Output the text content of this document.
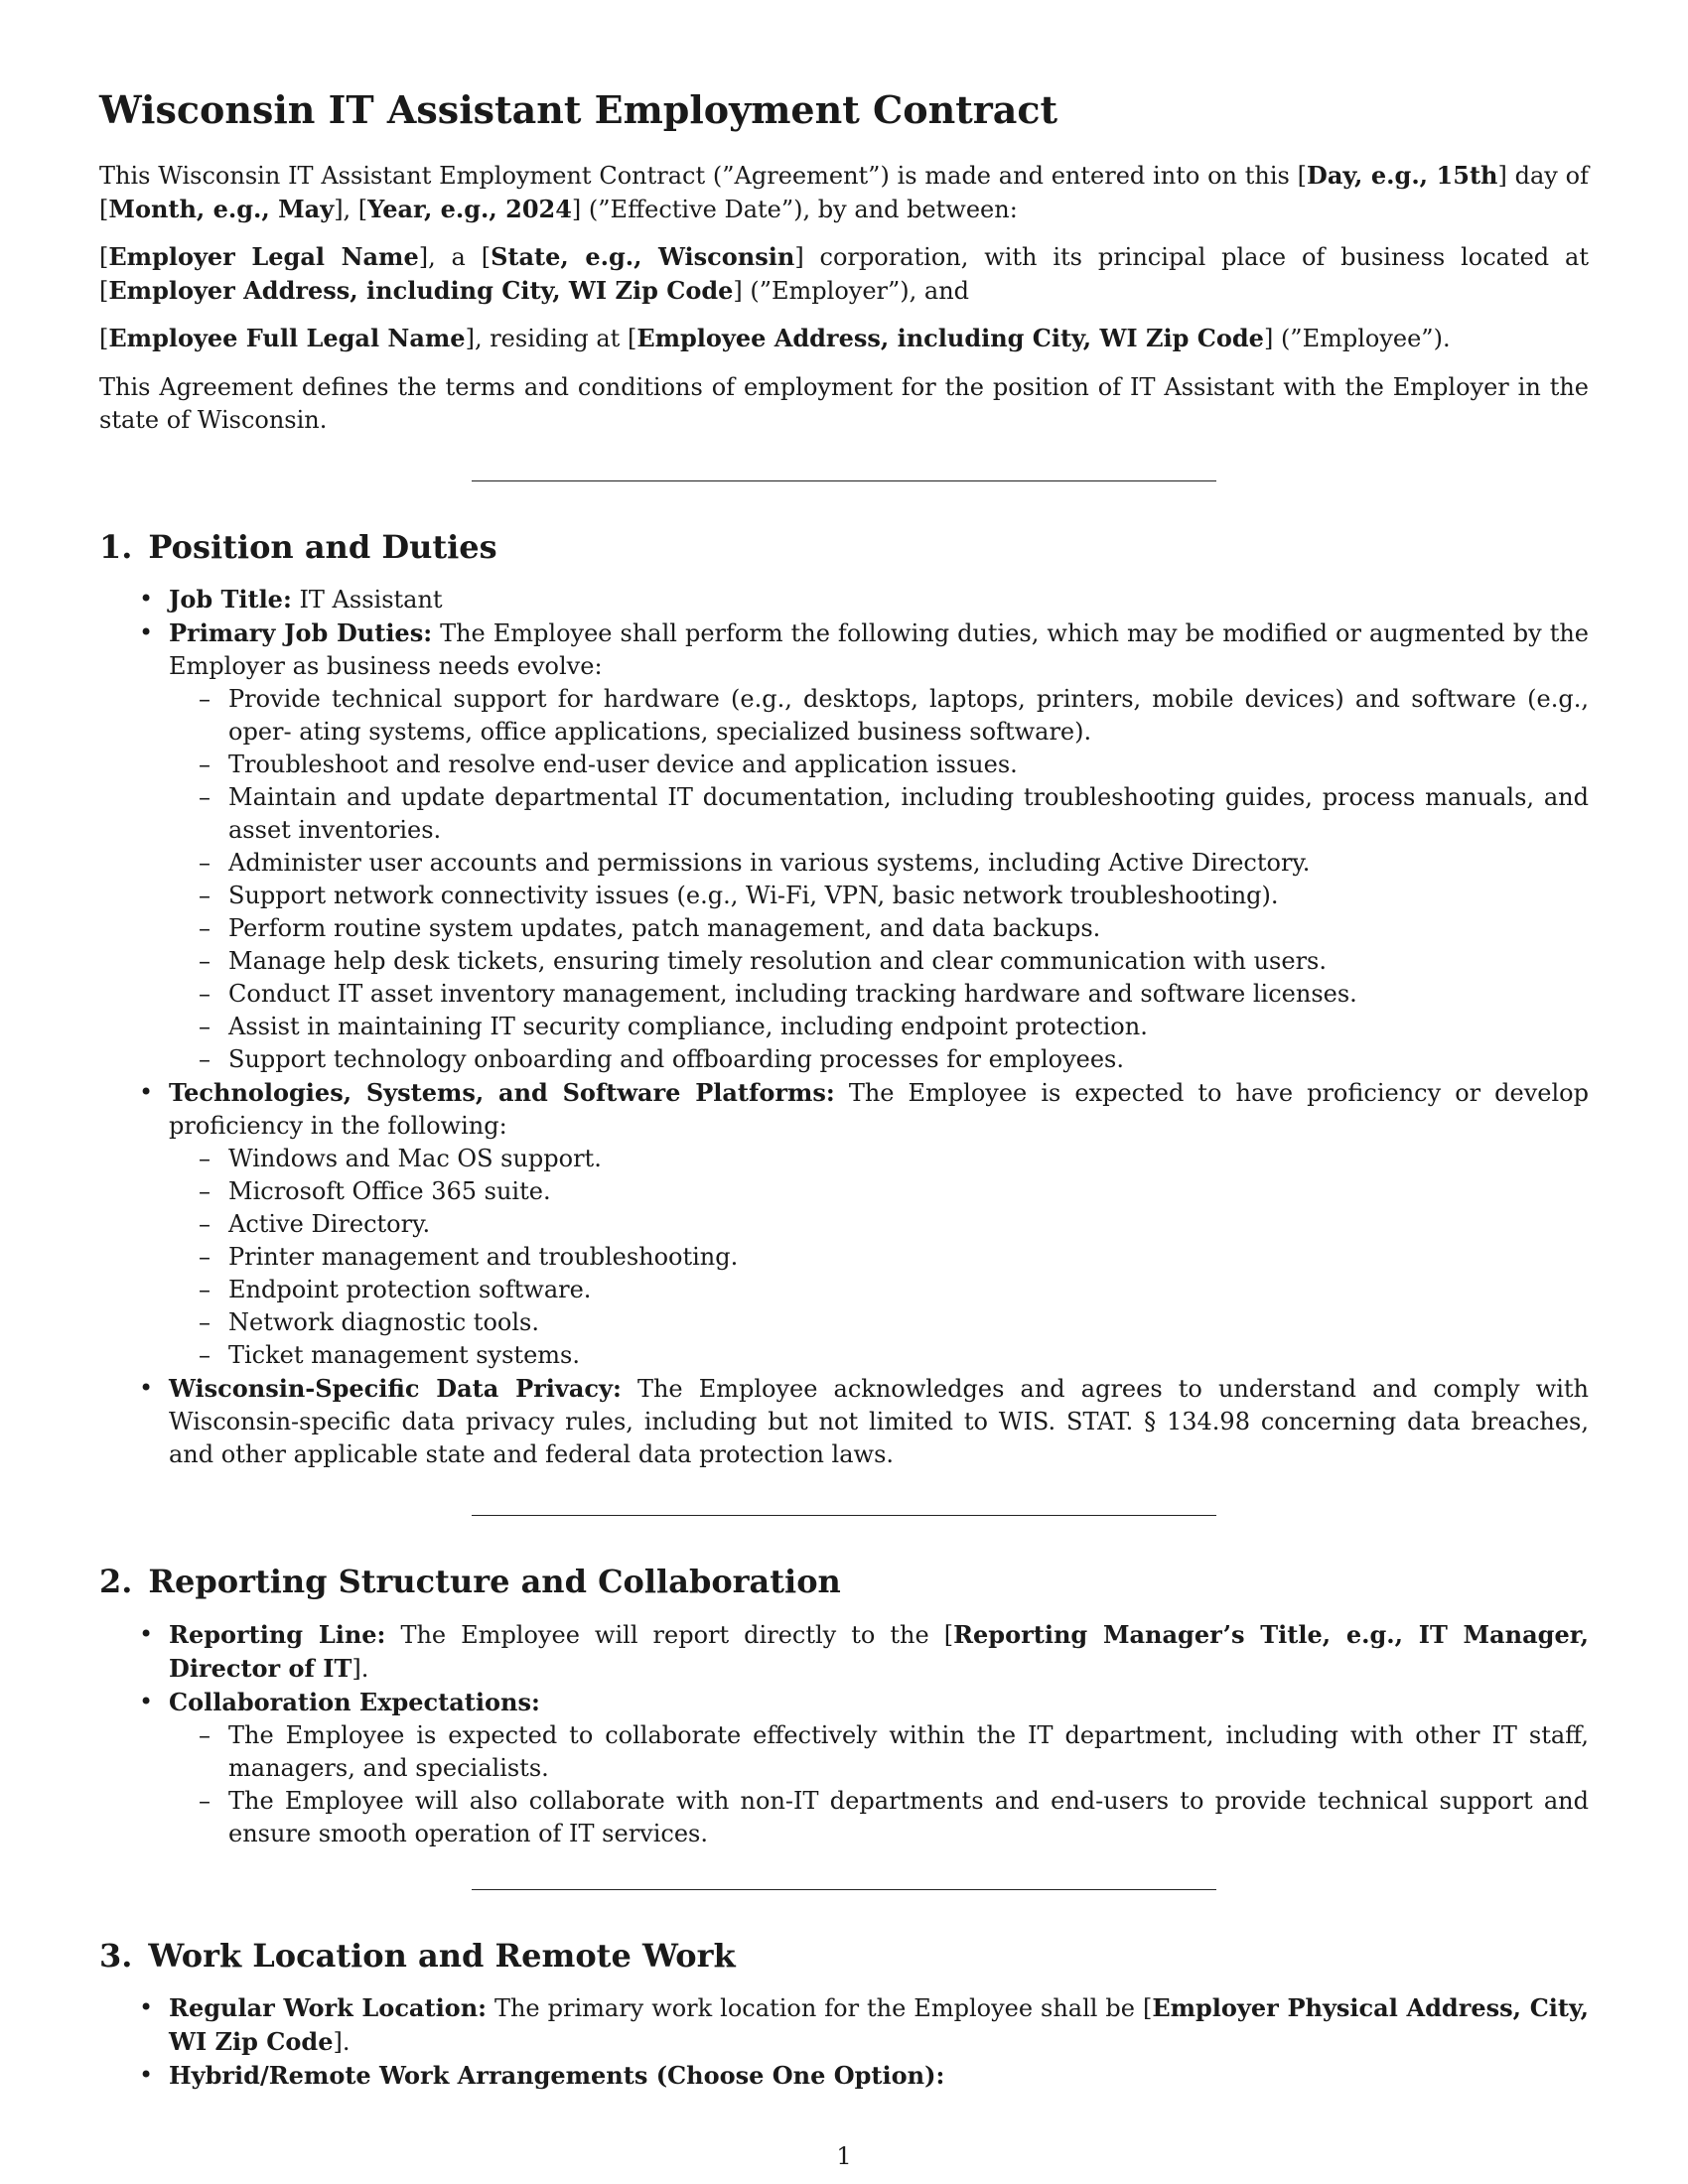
Wisconsin IT Assistant Employment Contract

This Wisconsin IT Assistant Employment Contract (”Agreement”) is made and entered into on this [Day, e.g., 15th] day of [Month, e.g., May], [Year, e.g., 2024] (”Effective Date”), by and between:

[Employer Legal Name], a [State, e.g., Wisconsin] corporation, with its principal place of business located at [Employer Address, including City, WI Zip Code] (”Employer”), and

[Employee Full Legal Name], residing at [Employee Address, including City, WI Zip Code] (”Employee”).

This Agreement defines the terms and conditions of employment for the position of IT Assistant with the Employer in the state of Wisconsin.

1. Position and Duties
• Job Title: IT Assistant
• Primary Job Duties: The Employee shall perform the following duties, which may be modified or augmented by the Employer as business needs evolve:
– Provide technical support for hardware (e.g., desktops, laptops, printers, mobile devices) and software (e.g., oper- ating systems, office applications, specialized business software).
– Troubleshoot and resolve end-user device and application issues.
– Maintain and update departmental IT documentation, including troubleshooting guides, process manuals, and asset inventories.
– Administer user accounts and permissions in various systems, including Active Directory.
– Support network connectivity issues (e.g., Wi-Fi, VPN, basic network troubleshooting).
– Perform routine system updates, patch management, and data backups.
– Manage help desk tickets, ensuring timely resolution and clear communication with users.
– Conduct IT asset inventory management, including tracking hardware and software licenses.
– Assist in maintaining IT security compliance, including endpoint protection.
– Support technology onboarding and offboarding processes for employees.
• Technologies, Systems, and Software Platforms: The Employee is expected to have proficiency or develop proficiency in the following:
– Windows and Mac OS support.
– Microsoft Office 365 suite.
– Active Directory.
– Printer management and troubleshooting.
– Endpoint protection software.
– Network diagnostic tools.
– Ticket management systems.
• Wisconsin-Specific Data Privacy: The Employee acknowledges and agrees to understand and comply with Wisconsin-specific data privacy rules, including but not limited to WIS. STAT. § 134.98 concerning data breaches, and other applicable state and federal data protection laws.
2. Reporting Structure and Collaboration
• Reporting Line: The Employee will report directly to the [Reporting Manager’s Title, e.g., IT Manager, Director of IT].
• Collaboration Expectations:
– The Employee is expected to collaborate effectively within the IT department, including with other IT staff, managers, and specialists.
– The Employee will also collaborate with non-IT departments and end-users to provide technical support and ensure smooth operation of IT services.
3. Work Location and Remote Work
• Regular Work Location: The primary work location for the Employee shall be [Employer Physical Address, City, WI Zip Code].
• Hybrid/Remote Work Arrangements (Choose One Option):
1
